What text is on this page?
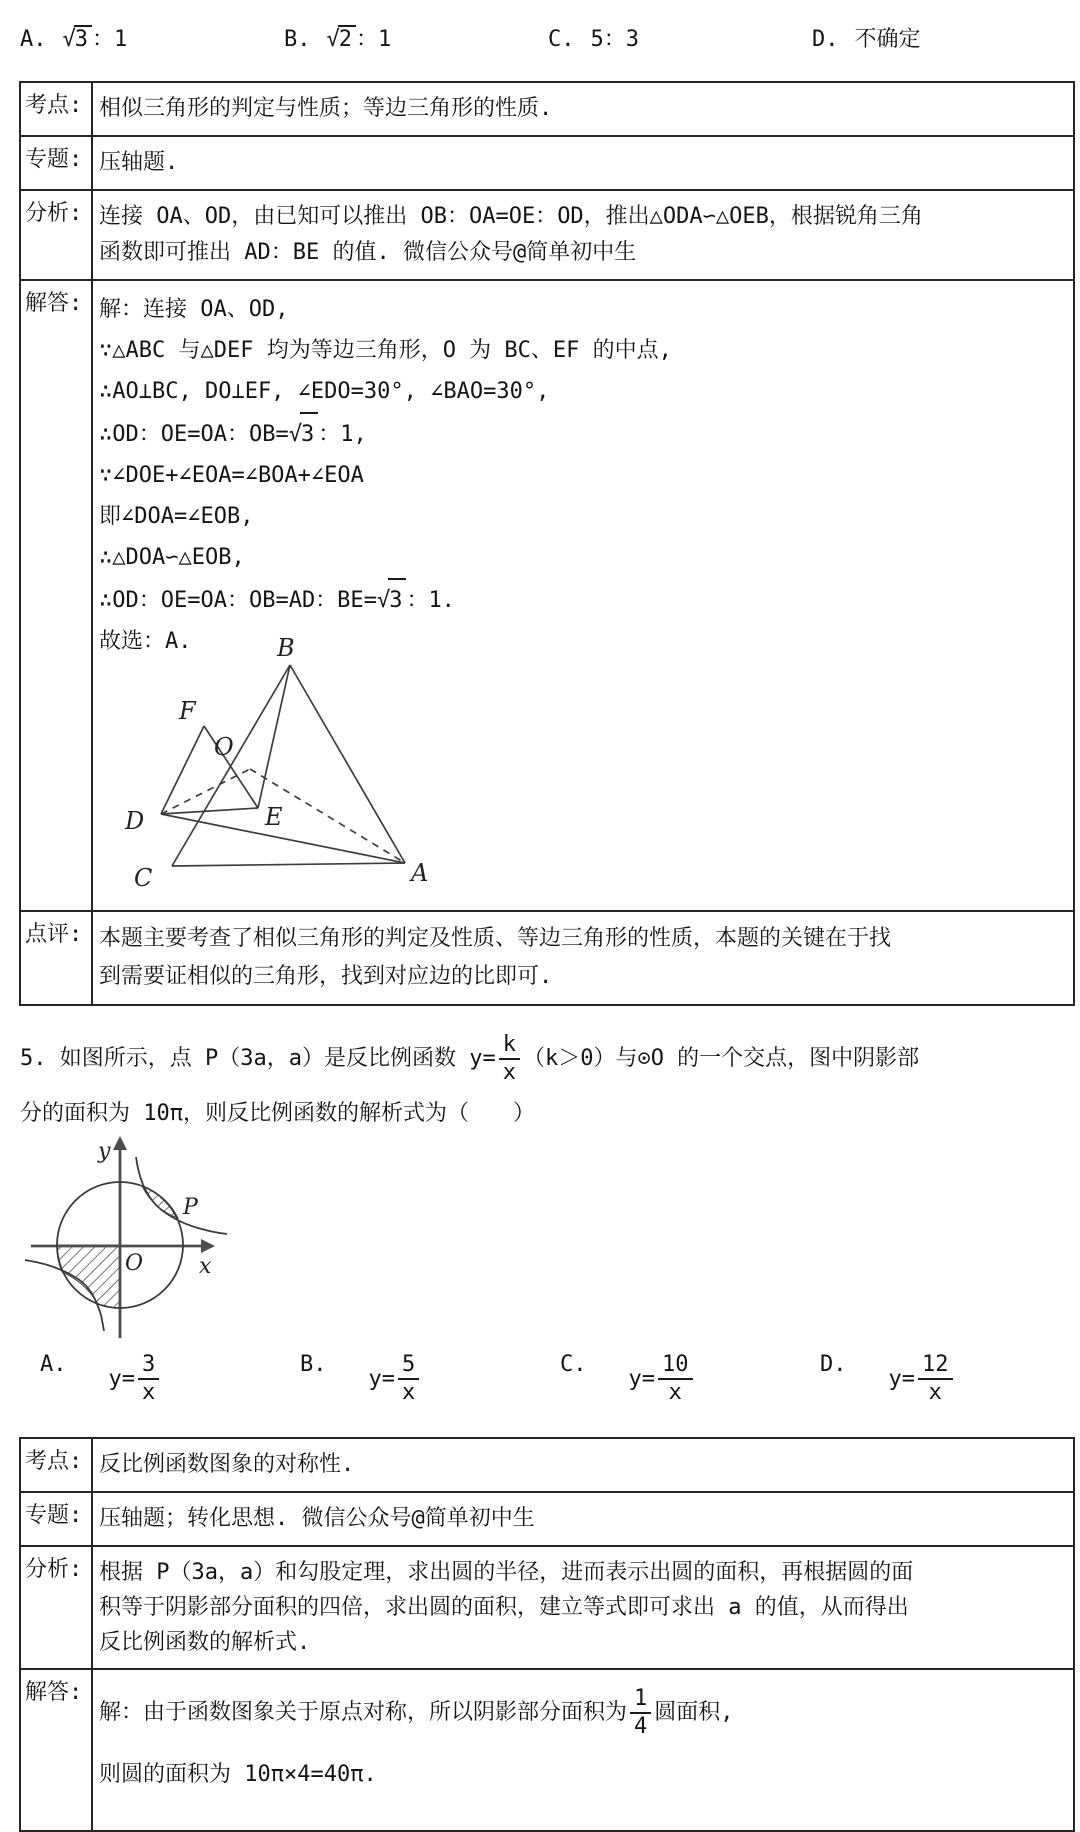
A. √3 ：1	B. √2 ：1	C. 5：3	D. 不确定
考点: 相似三角形的判定与性质；等边三角形的性质.
专题: 压轴题.
分析: 连接 OA、OD，由已知可以推出 OB：OA=OE：OD，推出△ODA∽△OEB，根据锐角三角
函数即可推出 AD：BE 的值. 微信公众号@简单初中生
解答: 解：连接 OA、OD,
∵△ABC 与△DEF 均为等边三角形，O 为 BC、EF 的中点,
∴AO⊥BC, DO⊥EF, ∠EDO=30°, ∠BAO=30°,
∴OD：OE=OA：OB=√3 ：1,
∵∠DOE+∠EOA=∠BOA+∠EOA
即∠DOA=∠EOB,
∴△DOA∽△EOB,
∴OD：OE=OA：OB=AD：BE=√3 ：1.
故选：A.	B
F
O
D	E
C	A
点评: 本题主要考查了相似三角形的判定及性质、等边三角形的性质，本题的关键在于找
到需要证相似的三角形，找到对应边的比即可.
5. 如图所示，点 P（3a，a）是反比例函数 $y= \frac{k}{x} (k>0)$与⊙O 的一个交点，图中阴影部
分的面积为 10π，则反比例函数的解析式为（　　）
y
x
O
P
A.
$y= \frac{3}{x}$	B.
$y= \frac{5}{x}$	C.
$y= \frac{10}{x}$	D.
$y= \frac{12}{x}$
考点: 反比例函数图象的对称性.
专题: 压轴题；转化思想. 微信公众号@简单初中生
分析: 根据 P（3a，a）和勾股定理，求出圆的半径，进而表示出圆的面积，再根据圆的面
积等于阴影部分面积的四倍，求出圆的面积，建立等式即可求出 a 的值，从而得出
反比例函数的解析式.
解答:
解：由于函数图象关于原点对称，所以阴影部分面积为 $\frac{1}{4}$ 圆面积,
则圆的面积为 10π×4=40π.
